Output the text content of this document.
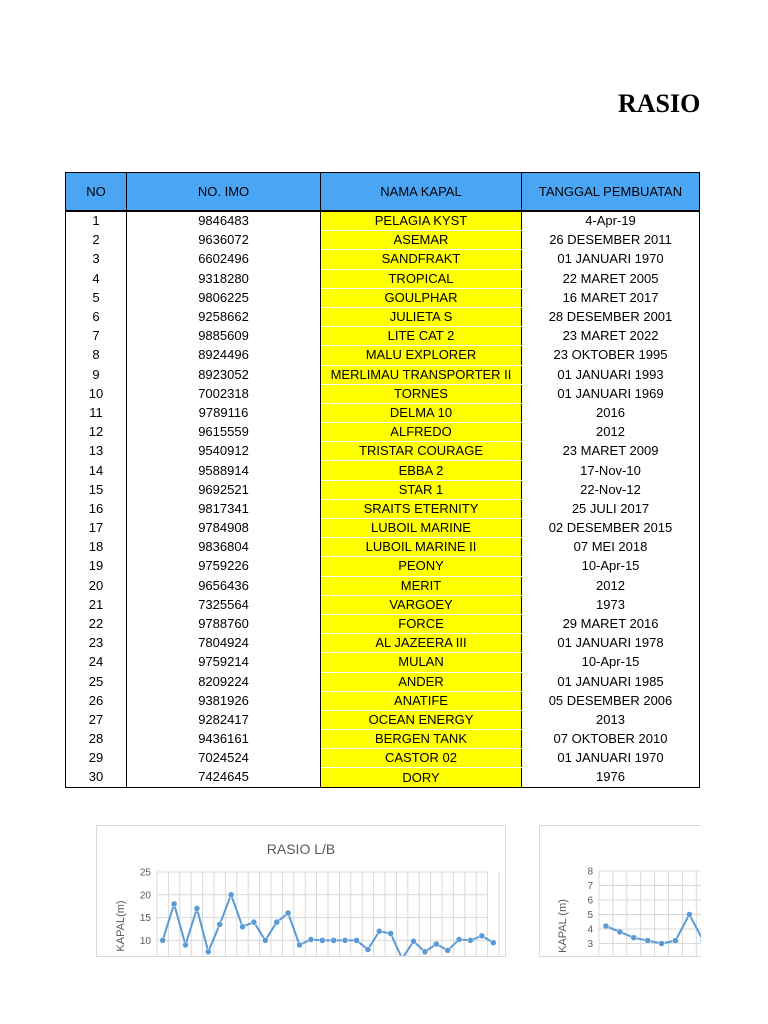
RASIO
NO	NO. IMO	NAMA KAPAL	TANGGAL PEMBUATAN
1	9846483	PELAGIA KYST	4-Apr-19
2	9636072	ASEMAR	26 DESEMBER 2011
3	6602496	SANDFRAKT	01 JANUARI 1970
4	9318280	TROPICAL	22 MARET 2005
5	9806225	GOULPHAR	16 MARET 2017
6	9258662	JULIETA S	28 DESEMBER 2001
7	9885609	LITE CAT 2	23 MARET 2022
8	8924496	MALU EXPLORER	23 OKTOBER 1995
9	8923052	MERLIMAU TRANSPORTER II	01 JANUARI 1993
10	7002318	TORNES	01 JANUARI 1969
11	9789116	DELMA 10	2016
12	9615559	ALFREDO	2012
13	9540912	TRISTAR COURAGE	23 MARET 2009
14	9588914	EBBA 2	17-Nov-10
15	9692521	STAR 1	22-Nov-12
16	9817341	SRAITS ETERNITY	25 JULI 2017
17	9784908	LUBOIL MARINE	02 DESEMBER 2015
18	9836804	LUBOIL MARINE II	07 MEI 2018
19	9759226	PEONY	10-Apr-15
20	9656436	MERIT	2012
21	7325564	VARGOEY	1973
22	9788760	FORCE	29 MARET 2016
23	7804924	AL JAZEERA III	01 JANUARI 1978
24	9759214	MULAN	10-Apr-15
25	8209224	ANDER	01 JANUARI 1985
26	9381926	ANATIFE	05 DESEMBER 2006
27	9282417	OCEAN ENERGY	2013
28	9436161	BERGEN TANK	07 OKTOBER 2010
29	7024524	CASTOR 02	01 JANUARI 1970
30	7424645	DORY	1976
RASIO L/B
10
15
20
25
KAPAL(m)	3
4
5
6
7
8
KAPAL (m)
